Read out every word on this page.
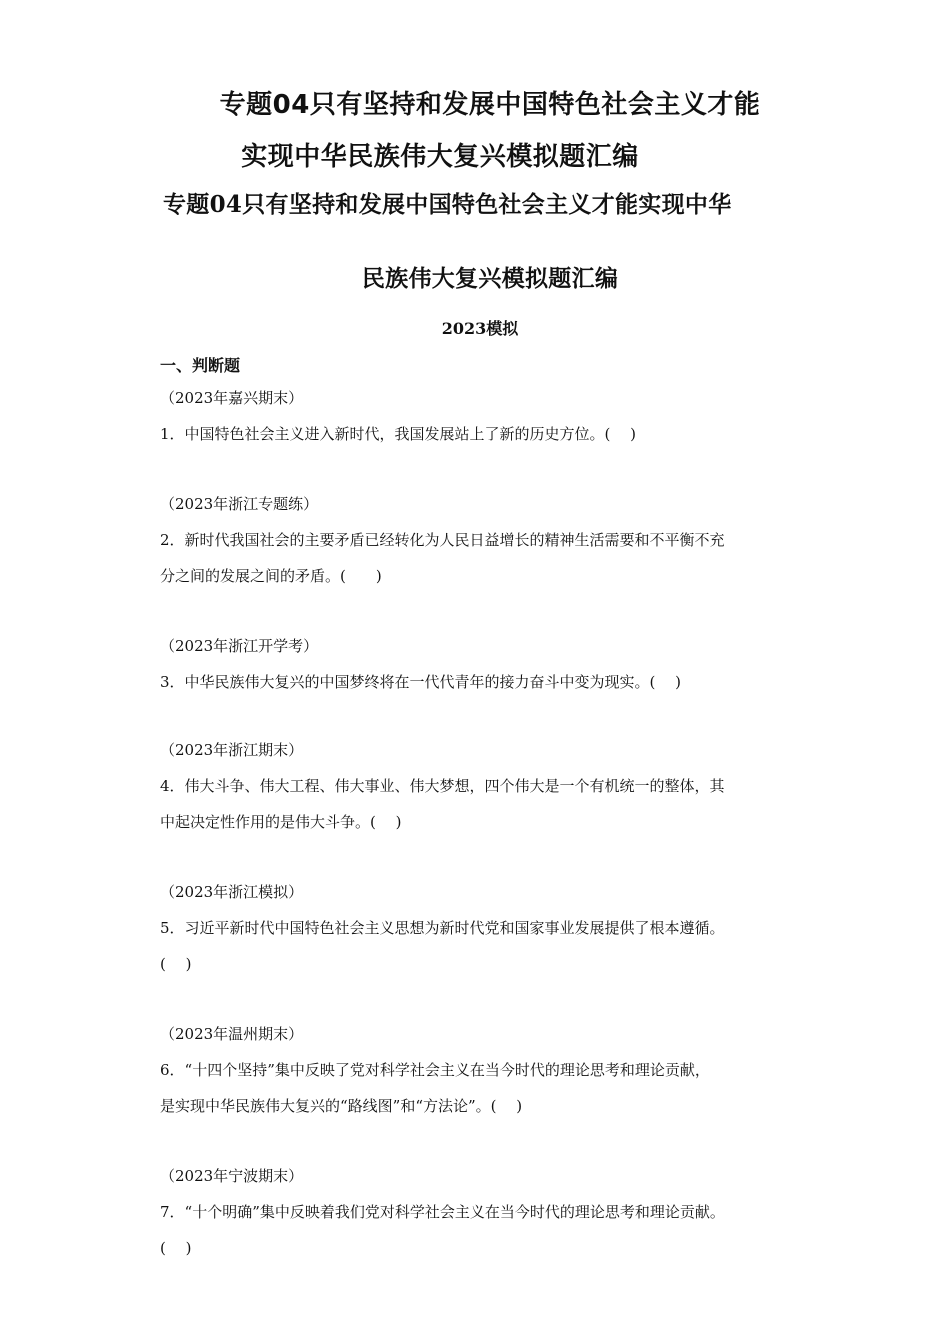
专题04只有坚持和发展中国特色社会主义才能
实现中华民族伟大复兴模拟题汇编
专题04只有坚持和发展中国特色社会主义才能实现中华
民族伟大复兴模拟题汇编
2023模拟
一、判断题
（2023年嘉兴期末）
1．中国特色社会主义进入新时代，我国发展站上了新的历史方位。(　 )
（2023年浙江专题练）
2．新时代我国社会的主要矛盾已经转化为人民日益增长的精神生活需要和不平衡不充
分之间的发展之间的矛盾。(　　)
（2023年浙江开学考）
3．中华民族伟大复兴的中国梦终将在一代代青年的接力奋斗中变为现实。(　 )
（2023年浙江期末）
4．伟大斗争、伟大工程、伟大事业、伟大梦想，四个伟大是一个有机统一的整体，其
中起决定性作用的是伟大斗争。(　 )
（2023年浙江模拟）
5．习近平新时代中国特色社会主义思想为新时代党和国家事业发展提供了根本遵循。
(　 )
（2023年温州期末）
6．“十四个坚持”集中反映了党对科学社会主义在当今时代的理论思考和理论贡献，
是实现中华民族伟大复兴的“路线图”和“方法论”。(　 )
（2023年宁波期末）
7．“十个明确”集中反映着我们党对科学社会主义在当今时代的理论思考和理论贡献。
(　 )
